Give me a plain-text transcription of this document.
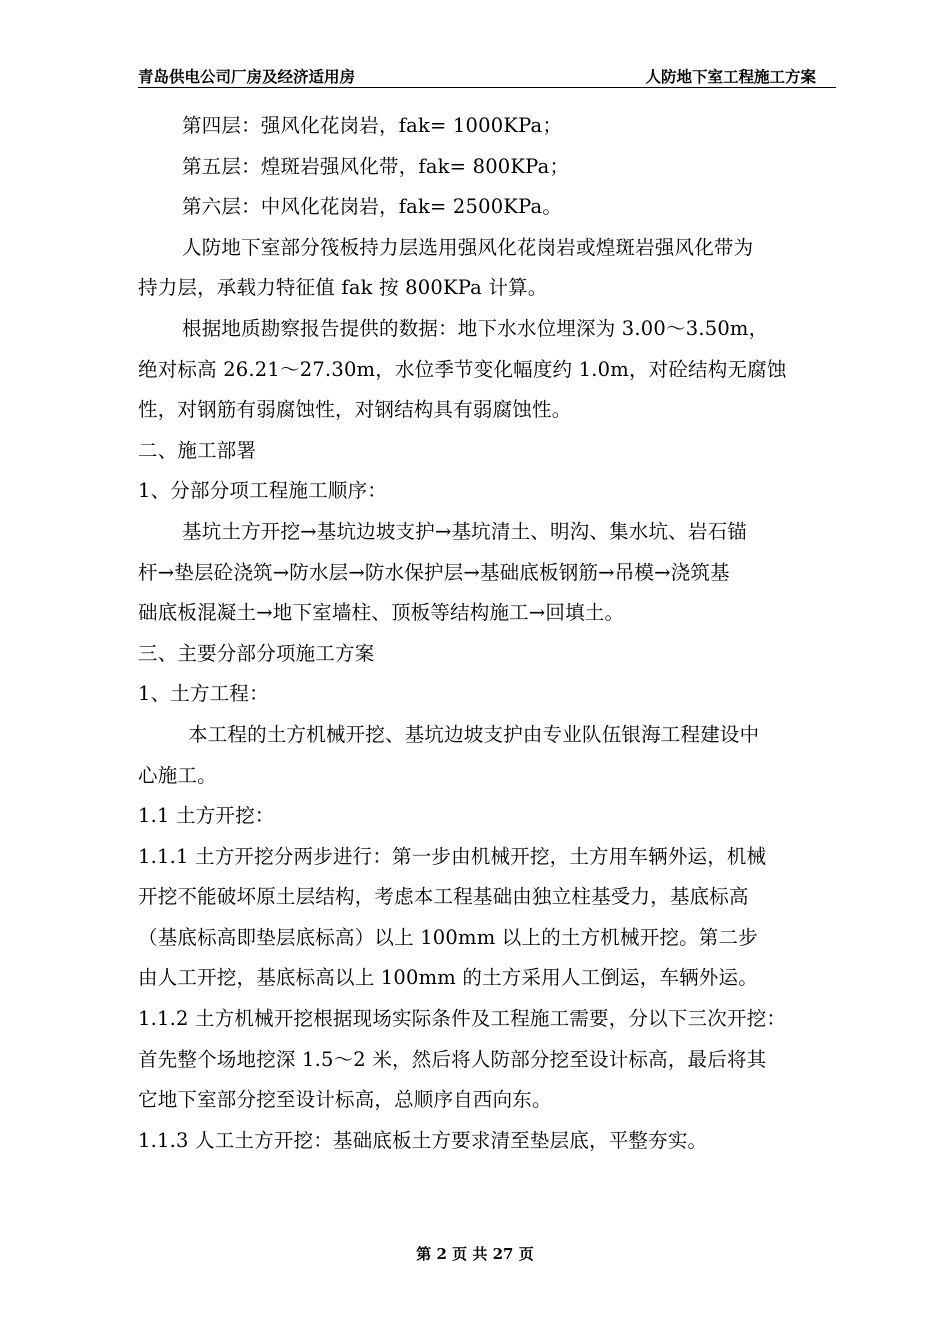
青岛供电公司厂房及经济适用房	人防地下室工程施工方案
第四层：强风化花岗岩，fak= 1000KPa；
第五层：煌斑岩强风化带，fak= 800KPa；
第六层：中风化花岗岩，fak= 2500KPa。
人防地下室部分筏板持力层选用强风化花岗岩或煌斑岩强风化带为
持力层，承载力特征值 fak 按 800KPa 计算。
根据地质勘察报告提供的数据：地下水水位埋深为 3.00～3.50m，
绝对标高 26.21～27.30m，水位季节变化幅度约 1.0m，对砼结构无腐蚀
性，对钢筋有弱腐蚀性，对钢结构具有弱腐蚀性。
二、施工部署
1、分部分项工程施工顺序：
基坑土方开挖→基坑边坡支护→基坑清土、明沟、集水坑、岩石锚
杆→垫层砼浇筑→防水层→防水保护层→基础底板钢筋→吊模→浇筑基
础底板混凝土→地下室墙柱、顶板等结构施工→回填土。
三、主要分部分项施工方案
1、土方工程：
本工程的土方机械开挖、基坑边坡支护由专业队伍银海工程建设中
心施工。
1.1 土方开挖：
1.1.1 土方开挖分两步进行：第一步由机械开挖，土方用车辆外运，机械
开挖不能破坏原土层结构，考虑本工程基础由独立柱基受力，基底标高
（基底标高即垫层底标高）以上 100mm 以上的土方机械开挖。第二步
由人工开挖，基底标高以上 100mm 的土方采用人工倒运，车辆外运。
1.1.2 土方机械开挖根据现场实际条件及工程施工需要，分以下三次开挖：
首先整个场地挖深 1.5～2 米，然后将人防部分挖至设计标高，最后将其
它地下室部分挖至设计标高，总顺序自西向东。
1.1.3 人工土方开挖：基础底板土方要求清至垫层底，平整夯实。
第 2 页 共 27 页
